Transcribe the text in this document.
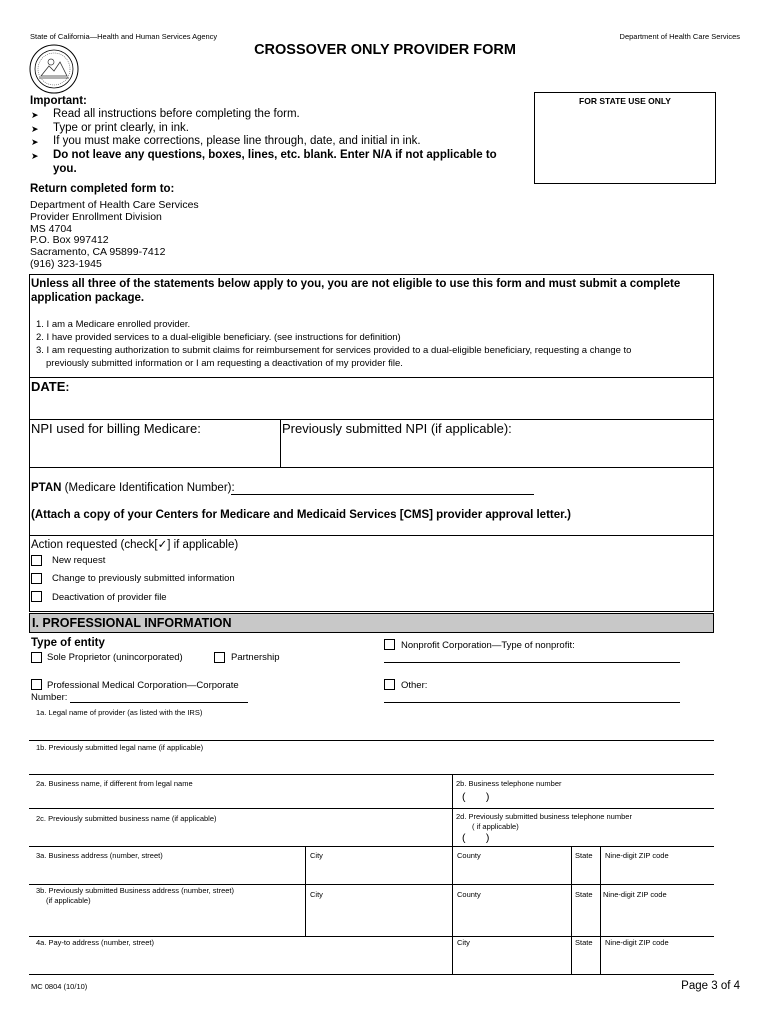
State of California—Health and Human Services Agency	Department of Health Care Services
CROSSOVER ONLY PROVIDER FORM
FOR STATE USE ONLY
Important:
➤ Read all instructions before completing the form.
➤ Type or print clearly, in ink.
➤ If you must make corrections, please line through, date, and initial in ink.
➤ Do not leave any questions, boxes, lines, etc. blank. Enter N/A if not applicable to
you.
Return completed form to:
Department of Health Care Services
Provider Enrollment Division
MS 4704
P.O. Box 997412
Sacramento, CA 95899-7412
(916) 323-1945
Unless all three of the statements below apply to you, you are not eligible to use this form and must submit a complete
application package.
1. I am a Medicare enrolled provider.
2. I have provided services to a dual-eligible beneficiary. (see instructions for definition)
3. I am requesting authorization to submit claims for reimbursement for services provided to a dual-eligible beneficiary, requesting a change to
previously submitted information or I am requesting a deactivation of my provider file.
DATE:
NPI used for billing Medicare:	Previously submitted NPI (if applicable):
PTAN (Medicare Identification Number):
(Attach a copy of your Centers for Medicare and Medicaid Services [CMS] provider approval letter.)
Action requested (check[✓] if applicable)
New request
Change to previously submitted information
Deactivation of provider file
I. PROFESSIONAL INFORMATION
Type of entity
Sole Proprietor (unincorporated)	Partnership
Nonprofit Corporation—Type of nonprofit:
Professional Medical Corporation—Corporate
Number:
Other:
1a. Legal name of provider (as listed with the IRS)
1b. Previously submitted legal name (if applicable)
2a. Business name, if different from legal name	2b. Business telephone number
(       )
2c. Previously submitted business name (if applicable)	2d. Previously submitted business telephone number
( if applicable)
(       )
3a. Business address (number, street)	City	County	State Nine-digit ZIP code
3b. Previously submitted Business address (number, street)
(if applicable)
City	County	State Nine-digit ZIP code
4a. Pay-to address (number, street)	City	State Nine-digit ZIP code
MC 0804 (10/10)	Page 3 of 4
